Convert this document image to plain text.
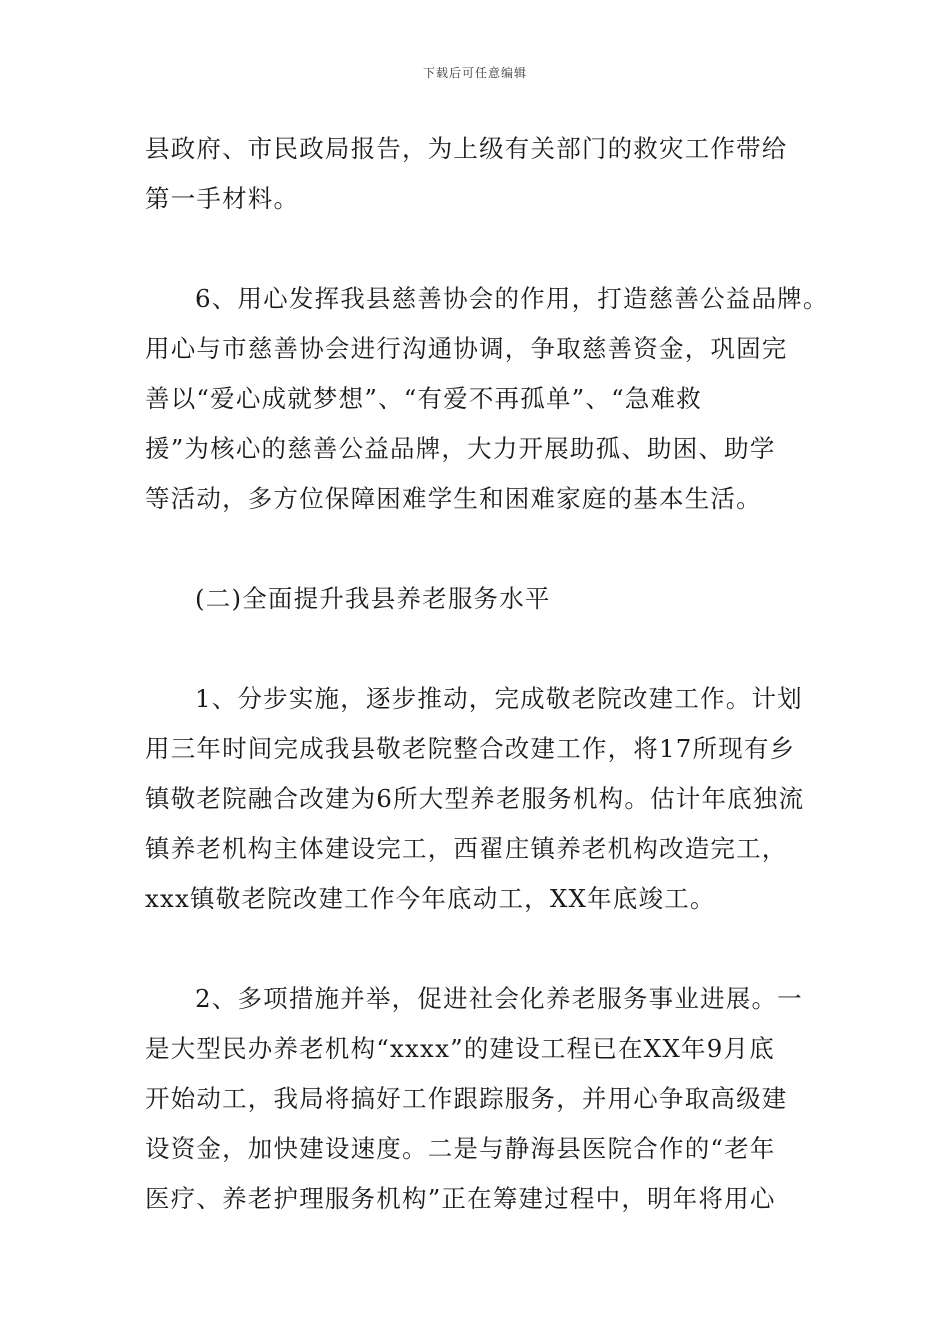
下载后可任意编辑
县政府、市民政局报告，为上级有关部门的救灾工作带给
第一手材料。
6、用心发挥我县慈善协会的作用，打造慈善公益品牌。
用心与市慈善协会进行沟通协调，争取慈善资金，巩固完
善以“爱心成就梦想”、“有爱不再孤单”、“急难救
援”为核心的慈善公益品牌，大力开展助孤、助困、助学
等活动，多方位保障困难学生和困难家庭的基本生活。
(二)全面提升我县养老服务水平
1、分步实施，逐步推动，完成敬老院改建工作。计划
用三年时间完成我县敬老院整合改建工作，将17所现有乡
镇敬老院融合改建为6所大型养老服务机构。估计年底独流
镇养老机构主体建设完工，西翟庄镇养老机构改造完工，
xxx镇敬老院改建工作今年底动工，XX年底竣工。
2、多项措施并举，促进社会化养老服务事业进展。一
是大型民办养老机构“xxxx”的建设工程已在XX年9月底
开始动工，我局将搞好工作跟踪服务，并用心争取高级建
设资金，加快建设速度。二是与静海县医院合作的“老年
医疗、养老护理服务机构”正在筹建过程中，明年将用心
